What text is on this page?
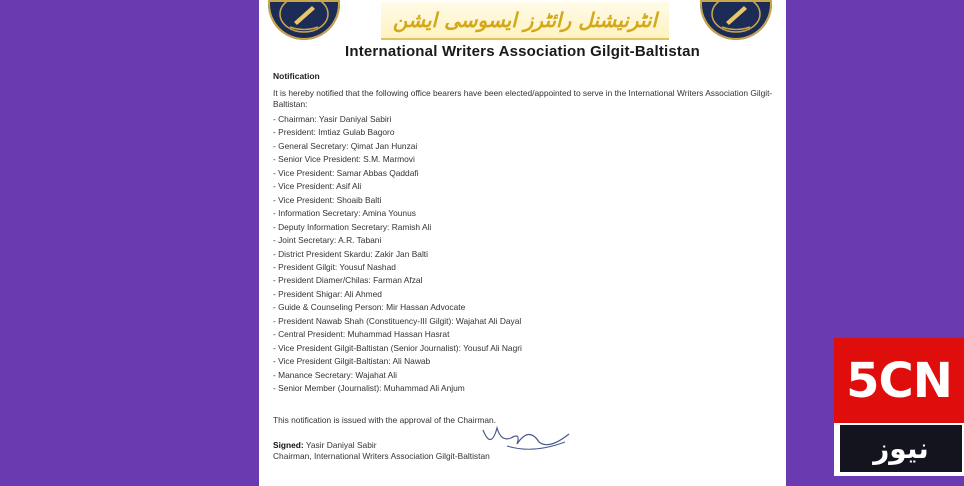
انٹرنیشنل رائٹرز ایسوسی ایشن
International Writers Association Gilgit-Baltistan
Notification
It is hereby notified that the following office bearers have been elected/appointed to serve in the International Writers Association Gilgit-Baltistan:
- Chairman: Yasir Daniyal Sabiri
- President: Imtiaz Gulab Bagoro
- General Secretary: Qimat Jan Hunzai
- Senior Vice President: S.M. Marmovi
- Vice President: Samar Abbas Qaddafi
- Vice President: Asif Ali
- Vice President: Shoaib Balti
- Information Secretary: Amina Younus
- Deputy Information Secretary: Ramish Ali
- Joint Secretary: A.R. Tabani
- District President Skardu: Zakir Jan Balti
- President Gilgit: Yousuf Nashad
- President Diamer/Chilas: Farman Afzal
- President Shigar: Ali Ahmed
- Guide & Counseling Person: Mir Hassan Advocate
- President Nawab Shah (Constituency-III Gilgit): Wajahat Ali Dayal
- Central President: Muhammad Hassan Hasrat
- Vice President Gilgit-Baltistan (Senior Journalist): Yousuf Ali Nagri
- Vice President Gilgit-Baltistan: Ali Nawab
- Manance Secretary: Wajahat Ali
- Senior Member (Journalist): Muhammad Ali Anjum
This notification is issued with the approval of the Chairman.
Signed: Yasir Daniyal Sabir
Chairman, International Writers Association Gilgit-Baltistan
5CN
نیوز
